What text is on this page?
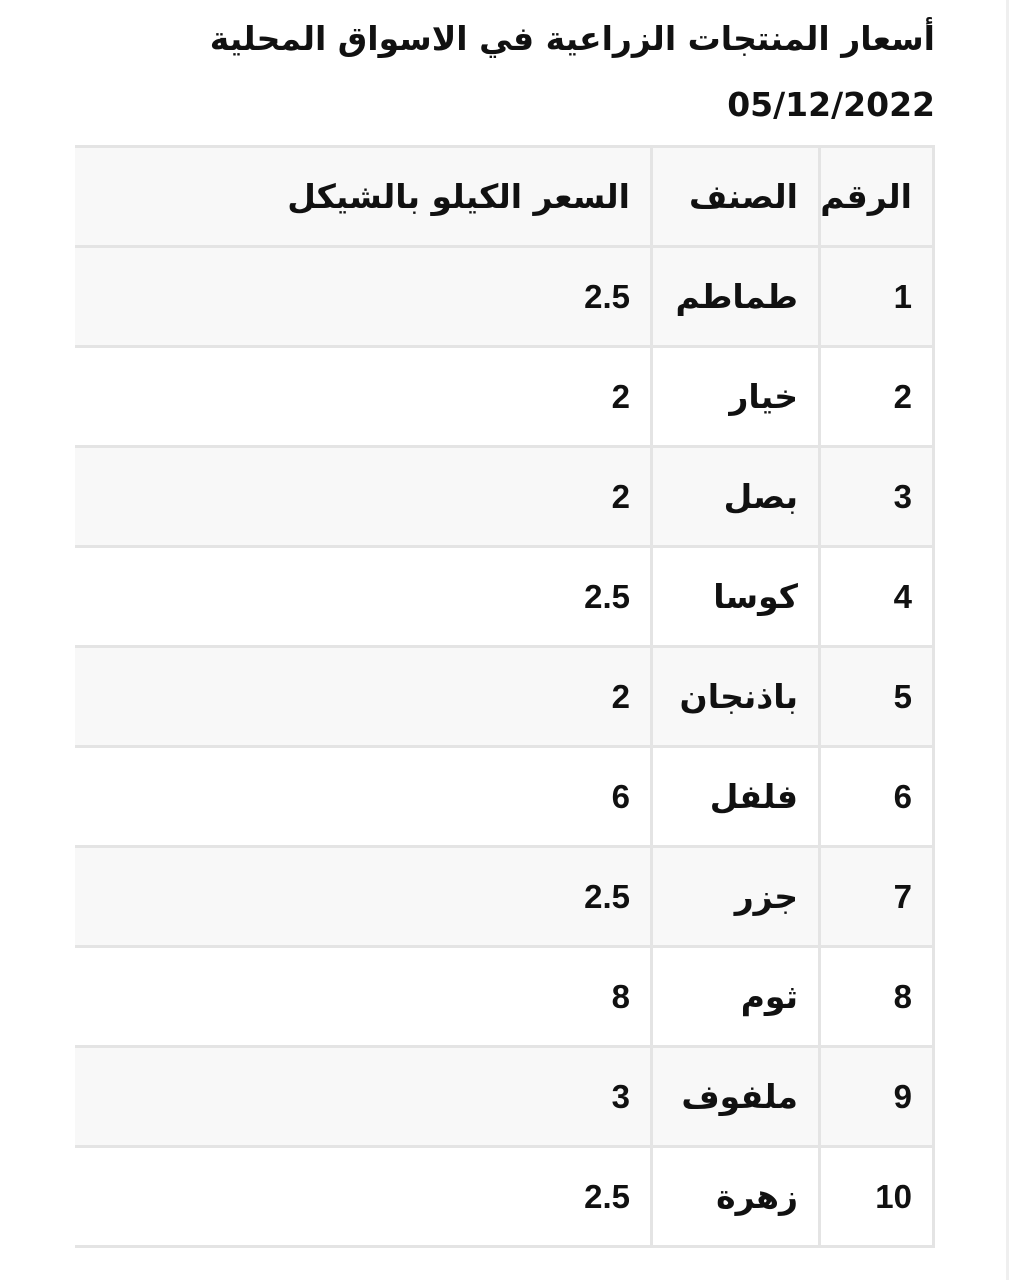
أسعار المنتجات الزراعية في الاسواق المحلية
05/12/2022
الرقم	الصنف	السعر الكيلو بالشيكل
1	طماطم	2.5
2	خيار	2
3	بصل	2
4	كوسا	2.5
5	باذنجان	2
6	فلفل	6
7	جزر	2.5
8	ثوم	8
9	ملفوف	3
10	زهرة	2.5
